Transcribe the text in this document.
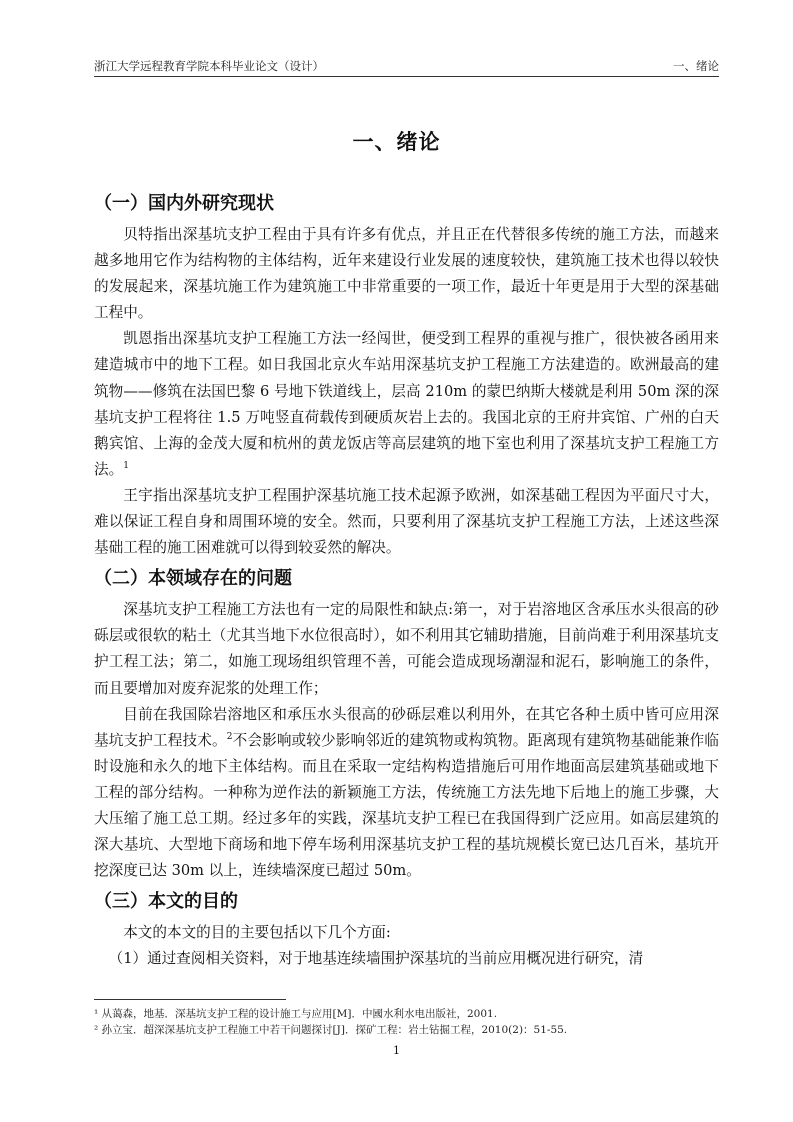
浙江大学远程教育学院本科毕业论文（设计）	一、绪论
一、绪论
（一）国内外研究现状

贝特指出深基坑支护工程由于具有许多有优点，并且正在代替很多传统的施工方法，而越来越多地用它作为结构物的主体结构，近年来建设行业发展的速度较快，建筑施工技术也得以较快的发展起来，深基坑施工作为建筑施工中非常重要的一项工作，最近十年更是用于大型的深基础工程中。

凯恩指出深基坑支护工程施工方法一经闯世，便受到工程界的重视与推广，很快被各函用来建造城市中的地下工程。如日我国北京火车站用深基坑支护工程施工方法建造的。欧洲最高的建筑物——修筑在法国巴黎 6 号地下铁道线上，层高 210m 的蒙巴纳斯大楼就是利用 50m 深的深基坑支护工程将往 1.5 万吨竖直荷载传到硬质灰岩上去的。我国北京的王府井宾馆、广州的白天鹅宾馆、上海的金茂大厦和杭州的黄龙饭店等高层建筑的地下室也利用了深基坑支护工程施工方法。$^1$

王宇指出深基坑支护工程围护深基坑施工技术起源予欧洲，如深基础工程因为平面尺寸大，难以保证工程自身和周围环境的安全。然而，只要利用了深基坑支护工程施工方法，上述这些深基础工程的施工困难就可以得到较妥然的解决。

（二）本领域存在的问题

深基坑支护工程施工方法也有一定的局限性和缺点:第一，对于岩溶地区含承压水头很高的砂砾层或很软的粘土（尤其当地下水位很高时），如不利用其它辅助措施，目前尚难于利用深基坑支护工程工法；第二，如施工现场组织管理不善，可能会造成现场潮湿和泥石，影响施工的条件，而且要增加对废弃泥浆的处理工作；

目前在我国除岩溶地区和承压水头很高的砂砾层难以利用外，在其它各种土质中皆可应用深基坑支护工程技术。$^2$不会影响或较少影响邻近的建筑物或构筑物。距离现有建筑物基础能兼作临时设施和永久的地下主体结构。而且在采取一定结构构造措施后可用作地面高层建筑基础或地下工程的部分结构。一种称为逆作法的新颖施工方法，传统施工方法先地下后地上的施工步骤，大大压缩了施工总工期。经过多年的实践，深基坑支护工程已在我国得到广泛应用。如高层建筑的深大基坑、大型地下商场和地下停车场利用深基坑支护工程的基坑规模长宽已达几百米，基坑开挖深度已达 30m 以上，连续墙深度已超过 50m。

（三）本文的目的

本文的本文的目的主要包括以下几个方面:

（1）通过查阅相关资料，对于地基连续墙围护深基坑的当前应用概况进行研究，清

¹ 从蔼森，地基．深基坑支护工程的设计施工与应用[M]．中國水利水电出版社，2001.
² 孙立宝．超深深基坑支护工程施工中若干问题探讨[J]．探矿工程：岩土钻掘工程，2010(2)：51-55.
1
